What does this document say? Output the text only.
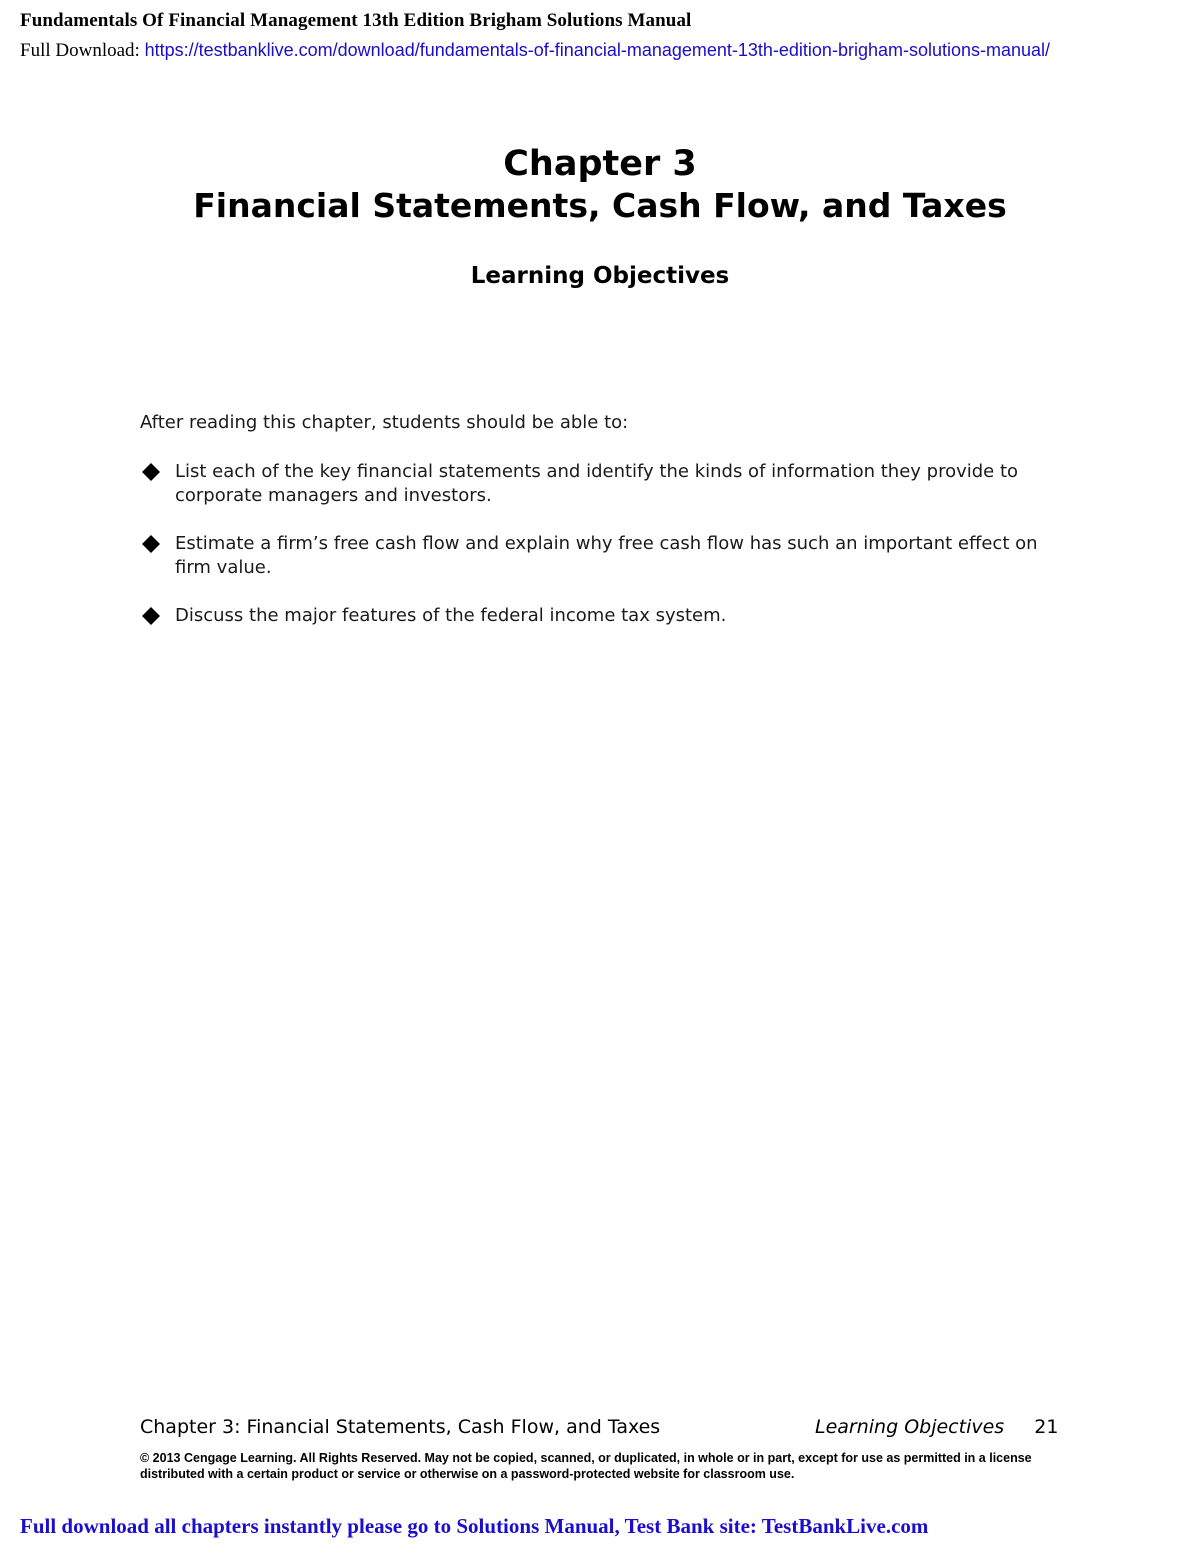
Fundamentals Of Financial Management 13th Edition Brigham Solutions Manual
Full Download: https://testbanklive.com/download/fundamentals-of-financial-management-13th-edition-brigham-solutions-manual/
Chapter 3
Financial Statements, Cash Flow, and Taxes
Learning Objectives
After reading this chapter, students should be able to:
List each of the key financial statements and identify the kinds of information they provide to corporate managers and investors.
Estimate a firm’s free cash flow and explain why free cash flow has such an important effect on firm value.
Discuss the major features of the federal income tax system.
Chapter 3: Financial Statements, Cash Flow, and Taxes	Learning Objectives 21
© 2013 Cengage Learning. All Rights Reserved. May not be copied, scanned, or duplicated, in whole or in part, except for use as permitted in a license distributed with a certain product or service or otherwise on a password-protected website for classroom use.
Full download all chapters instantly please go to Solutions Manual, Test Bank site: TestBankLive.com
